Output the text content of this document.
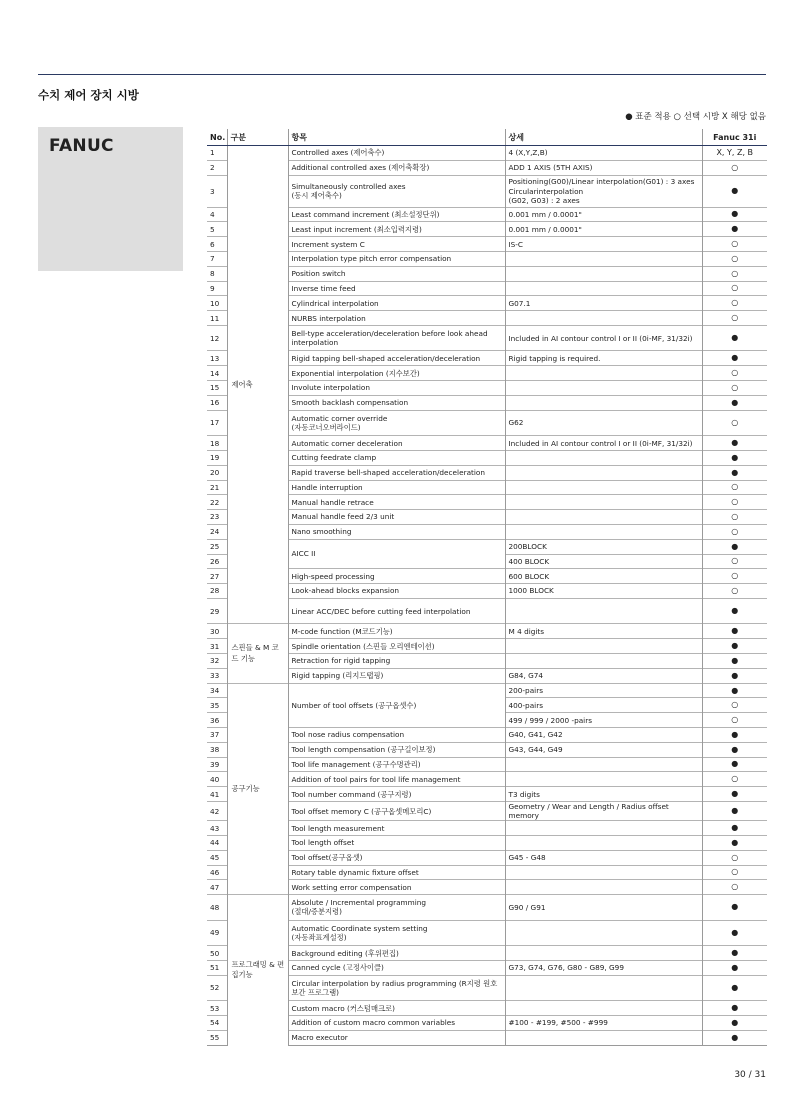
수치 제어 장치 시방
● 표준 적용 ○ 선택 시방 X 해당 없음
FANUC	No.	구분	항목	상세	Fanuc 31i
1	제어축	Controlled axes (제어축수)	4 (X,Y,Z,B)	X, Y, Z, B
2		Additional controlled axes (제어축확장)	ADD 1 AXIS (5TH AXIS)	○
3		Simultaneously controlled axes
(동시 제어축수)	Positioning(G00)/Linear interpolation(G01) : 3 axes
Circularinterpolation
(G02, G03) : 2 axes	●
4		Least command increment (최소설정단위)	0.001 mm / 0.0001"	●
5		Least input increment (최소입력지령)	0.001 mm / 0.0001"	●
6		Increment system C	IS-C	○
7		Interpolation type pitch error compensation		○
8		Position switch		○
9		Inverse time feed		○
10		Cylindrical interpolation	G07.1	○
11		NURBS interpolation		○
12		Bell-type acceleration/deceleration before look ahead interpolation	Included in AI contour control I or II (0i-MF, 31/32i)	●
13		Rigid tapping bell-shaped acceleration/deceleration	Rigid tapping is required.	●
14		Exponential interpolation (지수보간)		○
15		Involute interpolation		○
16		Smooth backlash compensation		●
17		Automatic corner override
(자동코너오버라이드)	G62	○
18		Automatic corner deceleration	Included in AI contour control I or II (0i-MF, 31/32i)	●
19		Cutting feedrate clamp		●
20		Rapid traverse bell-shaped acceleration/deceleration		●
21		Handle interruption		○
22		Manual handle retrace		○
23		Manual handle feed 2/3 unit		○
24		Nano smoothing		○
25		AICC II	200BLOCK	●
26			400 BLOCK	○
27		High-speed processing	600 BLOCK	○
28		Look-ahead blocks expansion	1000 BLOCK	○
29		Linear ACC/DEC before cutting feed interpolation		●
30	스핀들 & M 코드 기능	M-code function (M코드기능)	M 4 digits	●
31		Spindle orientation (스핀들 오리엔테이션)		●
32		Retraction for rigid tapping		●
33		Rigid tapping (리지드탭핑)	G84, G74	●
34	공구기능	Number of tool offsets (공구옵셋수)	200-pairs	●
35			400-pairs	○
36			499 / 999 / 2000 -pairs	○
37		Tool nose radius compensation	G40, G41, G42	●
38		Tool length compensation (공구길이보정)	G43, G44, G49	●
39		Tool life management (공구수명관리)		●
40		Addition of tool pairs for tool life management		○
41		Tool number command (공구지령)	T3 digits	●
42		Tool offset memory C (공구옵셋메모리C)	Geometry / Wear and Length / Radius offset memory	●
43		Tool length measurement		●
44		Tool length offset		●
45		Tool offset(공구옵셋)	G45 - G48	○
46		Rotary table dynamic fixture offset		○
47		Work setting error compensation		○
48	프로그래밍 & 편집기능	Absolute / Incremental programming
(절대/증분지령)	G90 / G91	●
49		Automatic Coordinate system setting
(자동좌표계설정)		●
50		Background editing (후위편집)		●
51		Canned cycle (고정사이클)	G73, G74, G76, G80 - G89, G99	●
52		Circular interpolation by radius programming (R지령 원호보간 프로그램)		●
53		Custom macro (커스텀매크로)		●
54		Addition of custom macro common variables	#100 - #199, #500 - #999	●
55		Macro executor		●
30 / 31
